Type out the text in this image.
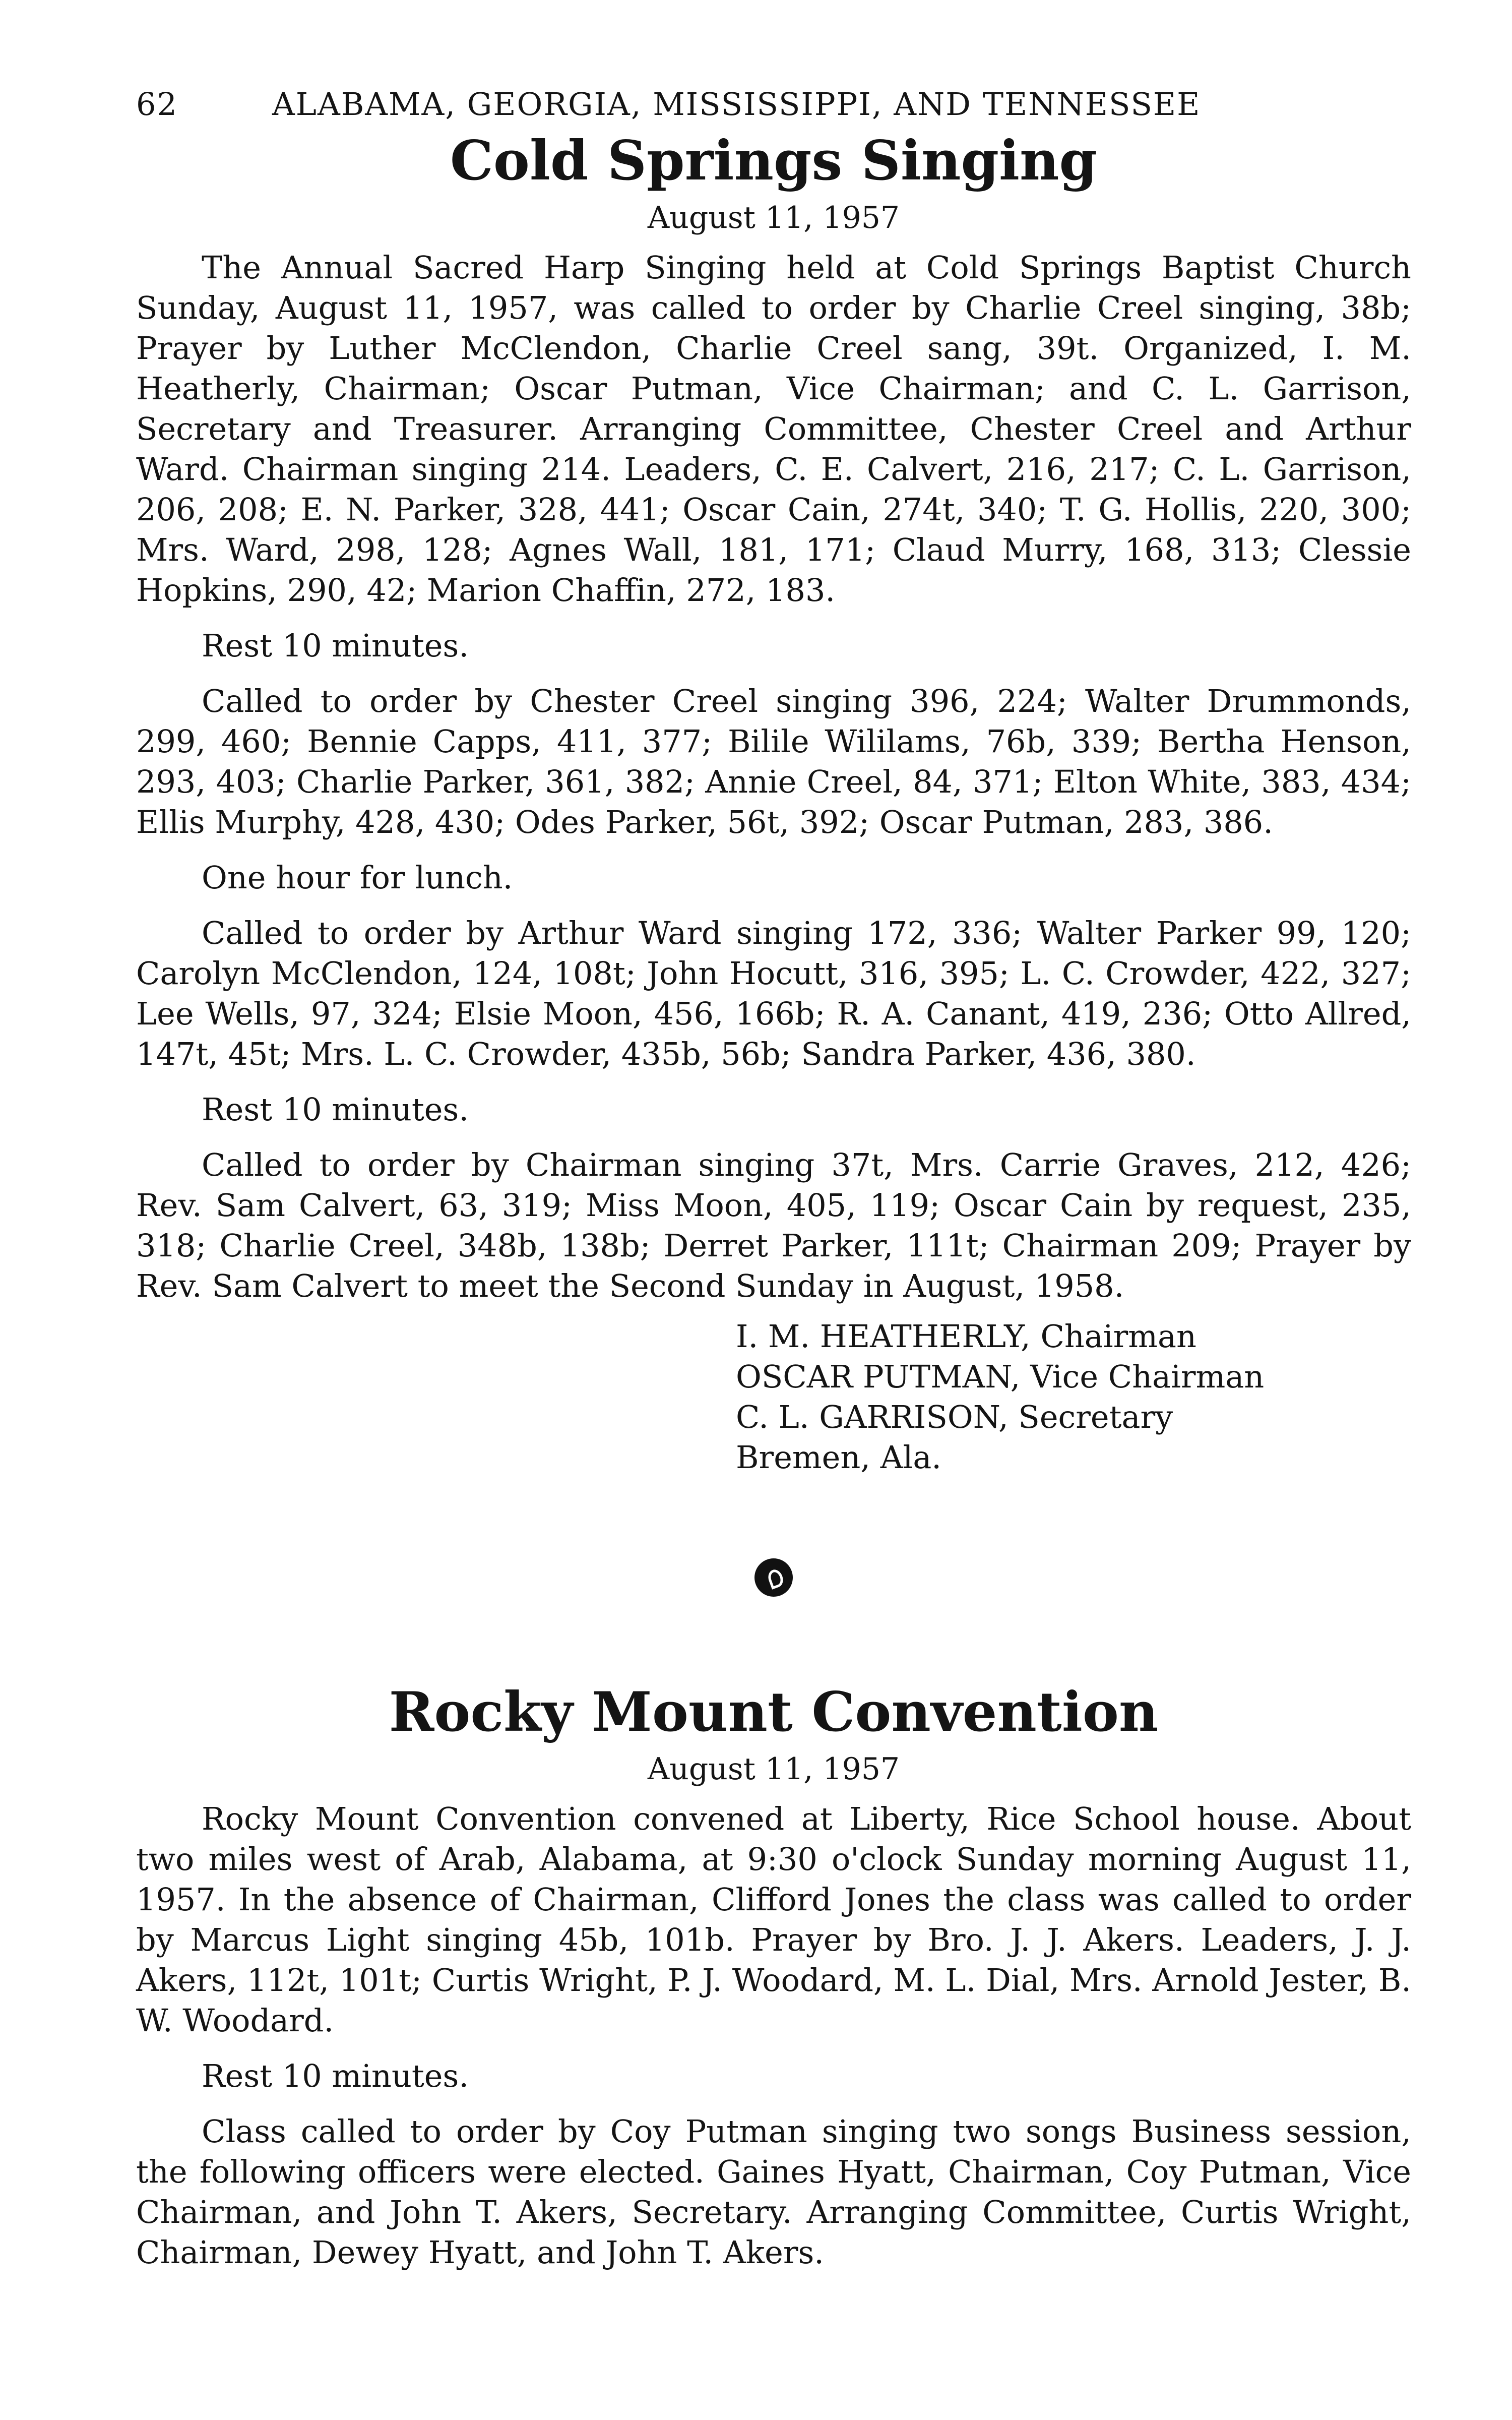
62	ALABAMA, GEORGIA, MISSISSIPPI, AND TENNESSEE
Cold Springs Singing
August 11, 1957

The Annual Sacred Harp Singing held at Cold Springs Baptist Church Sunday, August 11, 1957, was called to order by Charlie Creel singing, 38b; Prayer by Luther McClendon, Charlie Creel sang, 39t. Organized, I. M. Heatherly, Chairman; Oscar Putman, Vice Chairman; and C. L. Garrison, Secretary and Treasurer. Arranging Committee, Chester Creel and Arthur Ward. Chairman singing 214. Leaders, C. E. Calvert, 216, 217; C. L. Garrison, 206, 208; E. N. Parker, 328, 441; Oscar Cain, 274t, 340; T. G. Hollis, 220, 300; Mrs. Ward, 298, 128; Agnes Wall, 181, 171; Claud Murry, 168, 313; Clessie Hopkins, 290, 42; Marion Chaffin, 272, 183.

Rest 10 minutes.

Called to order by Chester Creel singing 396, 224; Walter Drummonds, 299, 460; Bennie Capps, 411, 377; Bilile Wililams, 76b, 339; Bertha Henson, 293, 403; Charlie Parker, 361, 382; Annie Creel, 84, 371; Elton White, 383, 434; Ellis Murphy, 428, 430; Odes Parker, 56t, 392; Oscar Putman, 283, 386.

One hour for lunch.

Called to order by Arthur Ward singing 172, 336; Walter Parker 99, 120; Carolyn McClendon, 124, 108t; John Hocutt, 316, 395; L. C. Crowder, 422, 327; Lee Wells, 97, 324; Elsie Moon, 456, 166b; R. A. Canant, 419, 236; Otto Allred, 147t, 45t; Mrs. L. C. Crowder, 435b, 56b; Sandra Parker, 436, 380.

Rest 10 minutes.

Called to order by Chairman singing 37t, Mrs. Carrie Graves, 212, 426; Rev. Sam Calvert, 63, 319; Miss Moon, 405, 119; Oscar Cain by request, 235, 318; Charlie Creel, 348b, 138b; Derret Parker, 111t; Chairman 209; Prayer by Rev. Sam Calvert to meet the Second Sunday in August, 1958.

I. M. HEATHERLY, Chairman
OSCAR PUTMAN, Vice Chairman
C. L. GARRISON, Secretary
Bremen, Ala.
Rocky Mount Convention
August 11, 1957

Rocky Mount Convention convened at Liberty, Rice School house. About two miles west of Arab, Alabama, at 9:30 o'clock Sunday morning August 11, 1957. In the absence of Chairman, Clifford Jones the class was called to order by Marcus Light singing 45b, 101b. Prayer by Bro. J. J. Akers. Leaders, J. J. Akers, 112t, 101t; Curtis Wright, P. J. Woodard, M. L. Dial, Mrs. Arnold Jester, B. W. Woodard.

Rest 10 minutes.

Class called to order by Coy Putman singing two songs Business session, the following officers were elected. Gaines Hyatt, Chairman, Coy Putman, Vice Chairman, and John T. Akers, Secretary. Arranging Committee, Curtis Wright, Chairman, Dewey Hyatt, and John T. Akers.
